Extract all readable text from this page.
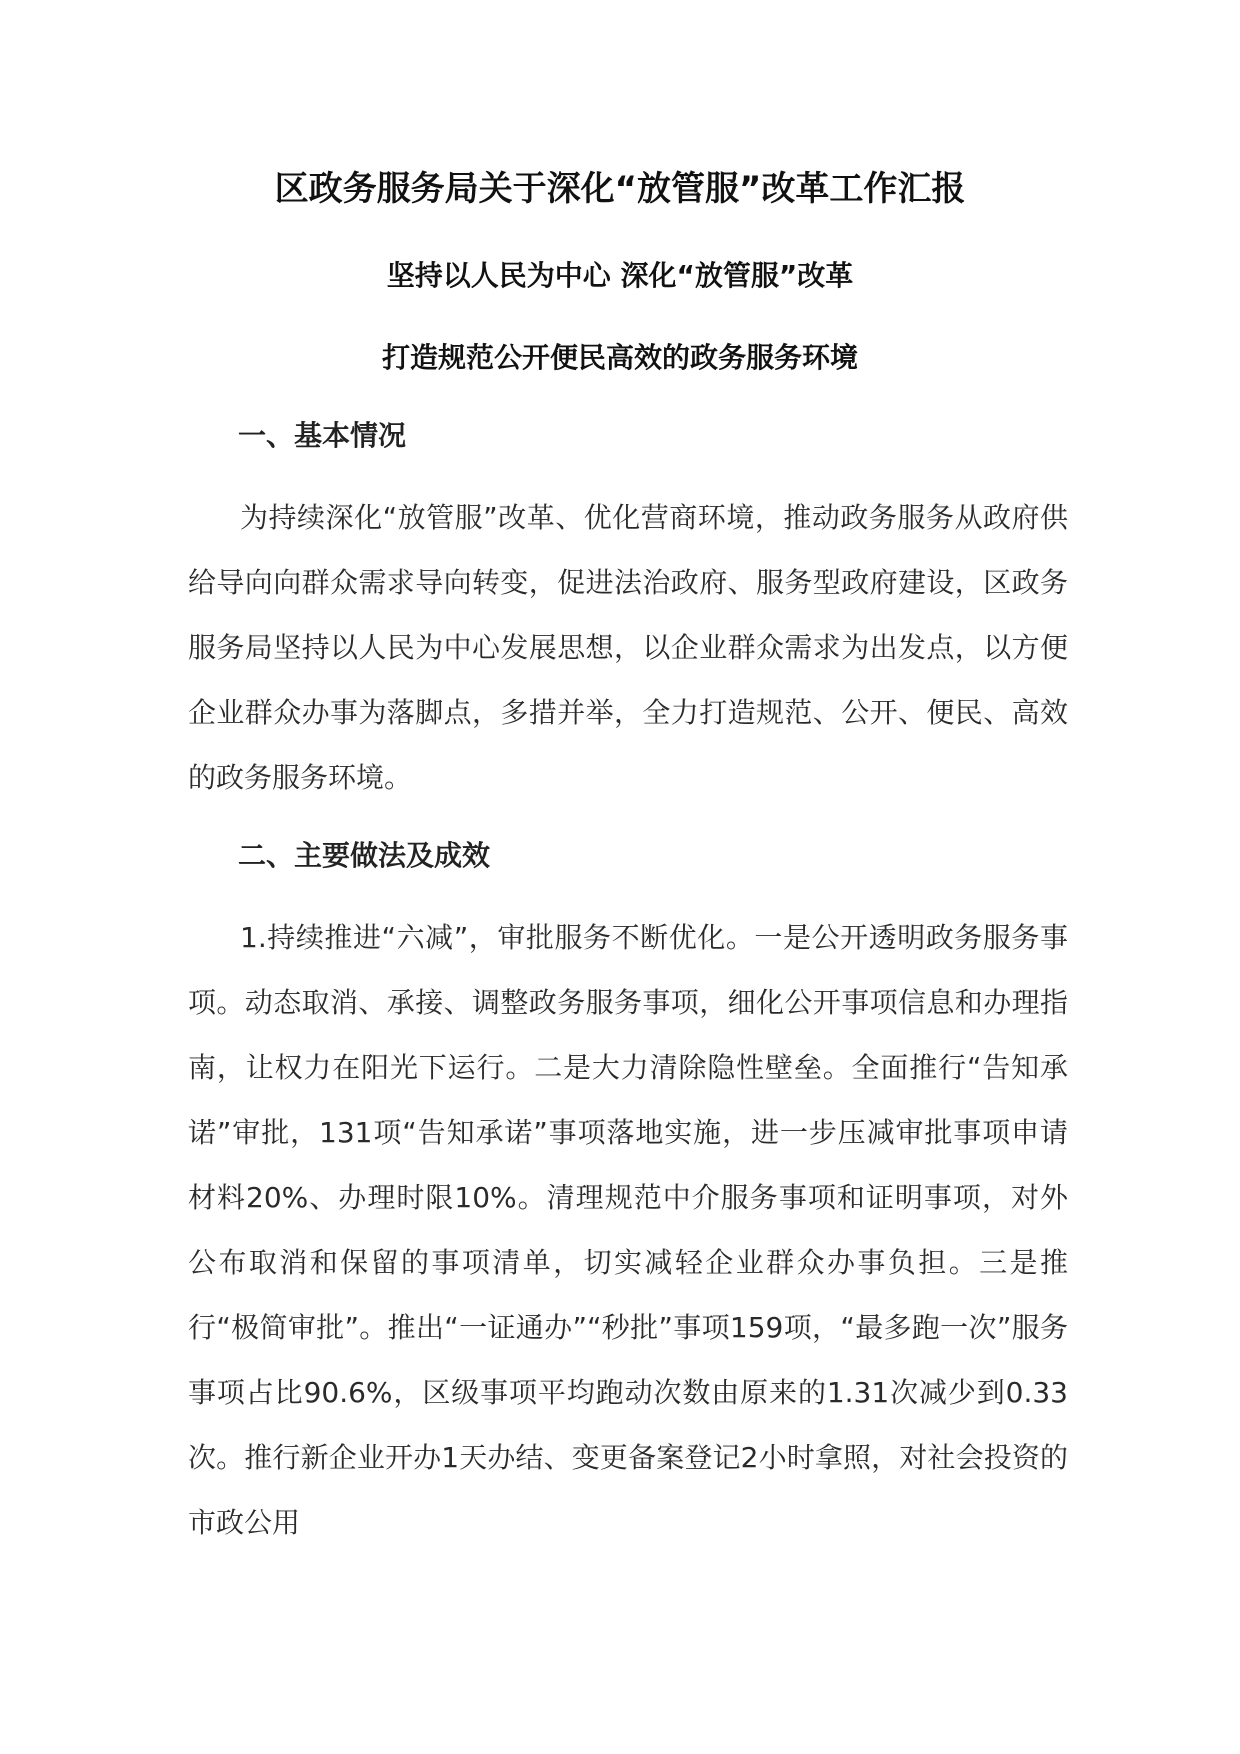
区政务服务局关于深化“放管服”改革工作汇报
坚持以人民为中心 深化“放管服”改革
打造规范公开便民高效的政务服务环境
一、基本情况

为持续深化“放管服”改革、优化营商环境，推动政务服务从政府供给导向向群众需求导向转变，促进法治政府、服务型政府建设，区政务服务局坚持以人民为中心发展思想，以企业群众需求为出发点，以方便企业群众办事为落脚点，多措并举，全力打造规范、公开、便民、高效的政务服务环境。

二、主要做法及成效

1.持续推进“六减”，审批服务不断优化。一是公开透明政务服务事项。动态取消、承接、调整政务服务事项，细化公开事项信息和办理指南，让权力在阳光下运行。二是大力清除隐性壁垒。全面推行“告知承诺”审批，131项“告知承诺”事项落地实施，进一步压减审批事项申请材料20%、办理时限10%。清理规范中介服务事项和证明事项，对外公布取消和保留的事项清单，切实减轻企业群众办事负担。三是推行“极简审批”。推出“一证通办”“秒批”事项159项，“最多跑一次”服务事项占比90.6%，区级事项平均跑动次数由原来的1.31次减少到0.33次。推行新企业开办1天办结、变更备案登记2小时拿照，对社会投资的市政公用
